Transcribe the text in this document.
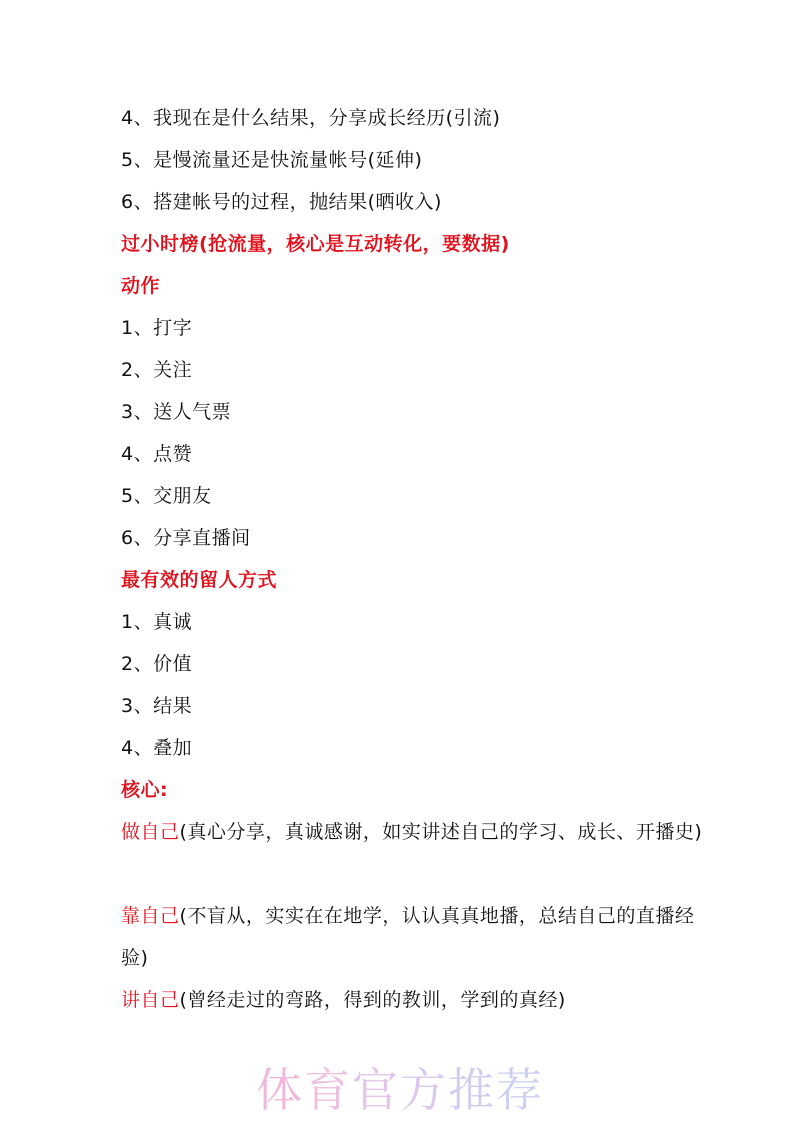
4、我现在是什么结果，分享成长经历(引流)
5、是慢流量还是快流量帐号(延伸)
6、搭建帐号的过程，抛结果(晒收入)
过小时榜(抢流量，核心是互动转化，要数据)
动作
1、打字
2、关注
3、送人气票
4、点赞
5、交朋友
6、分享直播间
最有效的留人方式
1、真诚
2、价值
3、结果
4、叠加
核心:
做自己(真心分享，真诚感谢，如实讲述自己的学习、成长、开播史)
靠自己(不盲从，实实在在地学，认认真真地播，总结自己的直播经验)
讲自己(曾经走过的弯路，得到的教训，学到的真经)
体育官方推荐
